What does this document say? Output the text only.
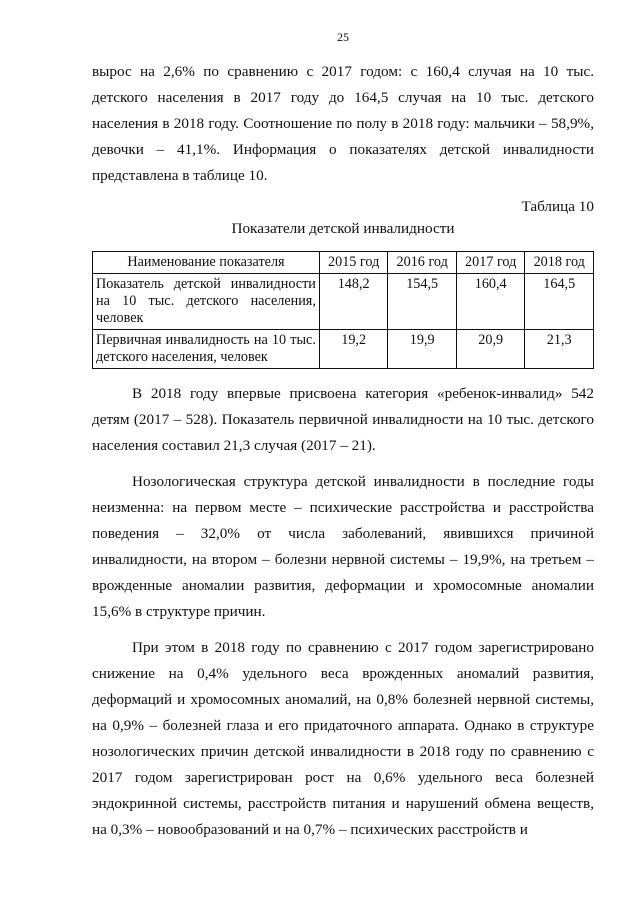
25

вырос на 2,6% по сравнению с 2017 годом: с 160,4 случая на 10 тыс. детского населения в 2017 году до 164,5 случая на 10 тыс. детского населения в 2018 году. Соотношение по полу в 2018 году: мальчики – 58,9%, девочки – 41,1%. Информация о показателях детской инвалидности представлена в таблице 10.

Таблица 10
Показатели детской инвалидности
Наименование показателя	2015 год	2016 год	2017 год	2018 год
Показатель детской инвалидности на 10 тыс. детского населения, человек	148,2	154,5	160,4	164,5
Первичная инвалидность на 10 тыс. детского населения, человек	19,2	19,9	20,9	21,3

В 2018 году впервые присвоена категория «ребенок-инвалид» 542 детям (2017 – 528). Показатель первичной инвалидности на 10 тыс. детского населения составил 21,3 случая (2017 – 21).

Нозологическая структура детской инвалидности в последние годы неизменна: на первом месте – психические расстройства и расстройства поведения – 32,0% от числа заболеваний, явившихся причиной инвалидности, на втором – болезни нервной системы – 19,9%, на третьем – врожденные аномалии развития, деформации и хромосомные аномалии 15,6% в структуре причин.

При этом в 2018 году по сравнению с 2017 годом зарегистрировано снижение на 0,4% удельного веса врожденных аномалий развития, деформаций и хромосомных аномалий, на 0,8% болезней нервной системы, на 0,9% – болезней глаза и его придаточного аппарата. Однако в структуре нозологических причин детской инвалидности в 2018 году по сравнению с 2017 годом зарегистрирован рост на 0,6% удельного веса болезней эндокринной системы, расстройств питания и нарушений обмена веществ, на 0,3% – новообразований и на 0,7% – психических расстройств и
